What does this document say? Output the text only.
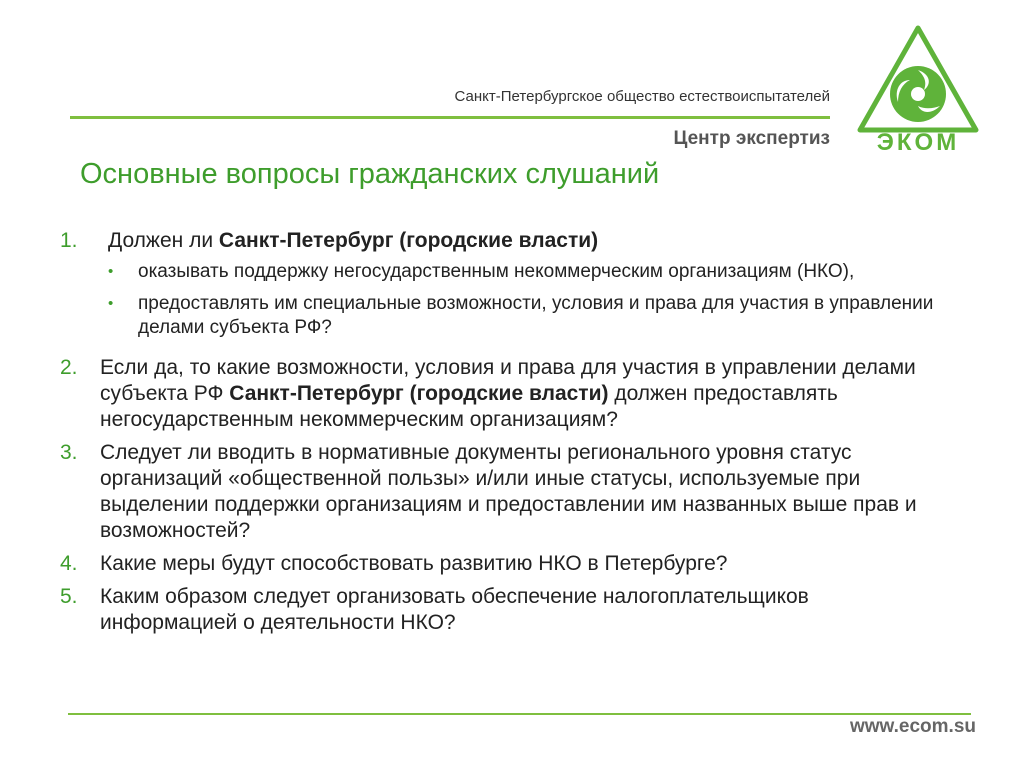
Санкт-Петербургское общество естествоиспытателей
Центр экспертиз ЭКОМ
Основные вопросы гражданских слушаний
1.	Должен ли Санкт-Петербург (городские власти)
•	оказывать поддержку негосударственным некоммерческим организациям (НКО),
•	предоставлять им специальные возможности, условия и права для участия в управлении делами субъекта РФ?
2.	Если да, то какие возможности, условия и права для участия в управлении делами субъекта РФ Санкт-Петербург (городские власти) должен предоставлять негосударственным некоммерческим организациям?
3.	Следует ли вводить в нормативные документы регионального уровня статус организаций «общественной пользы» и/или иные статусы, используемые при выделении поддержки организациям и предоставлении им названных выше прав и возможностей?
4.	Какие меры будут способствовать развитию НКО в Петербурге?
5.	Каким образом следует организовать обеспечение налогоплательщиков информацией о деятельности НКО?
www.ecom.su
